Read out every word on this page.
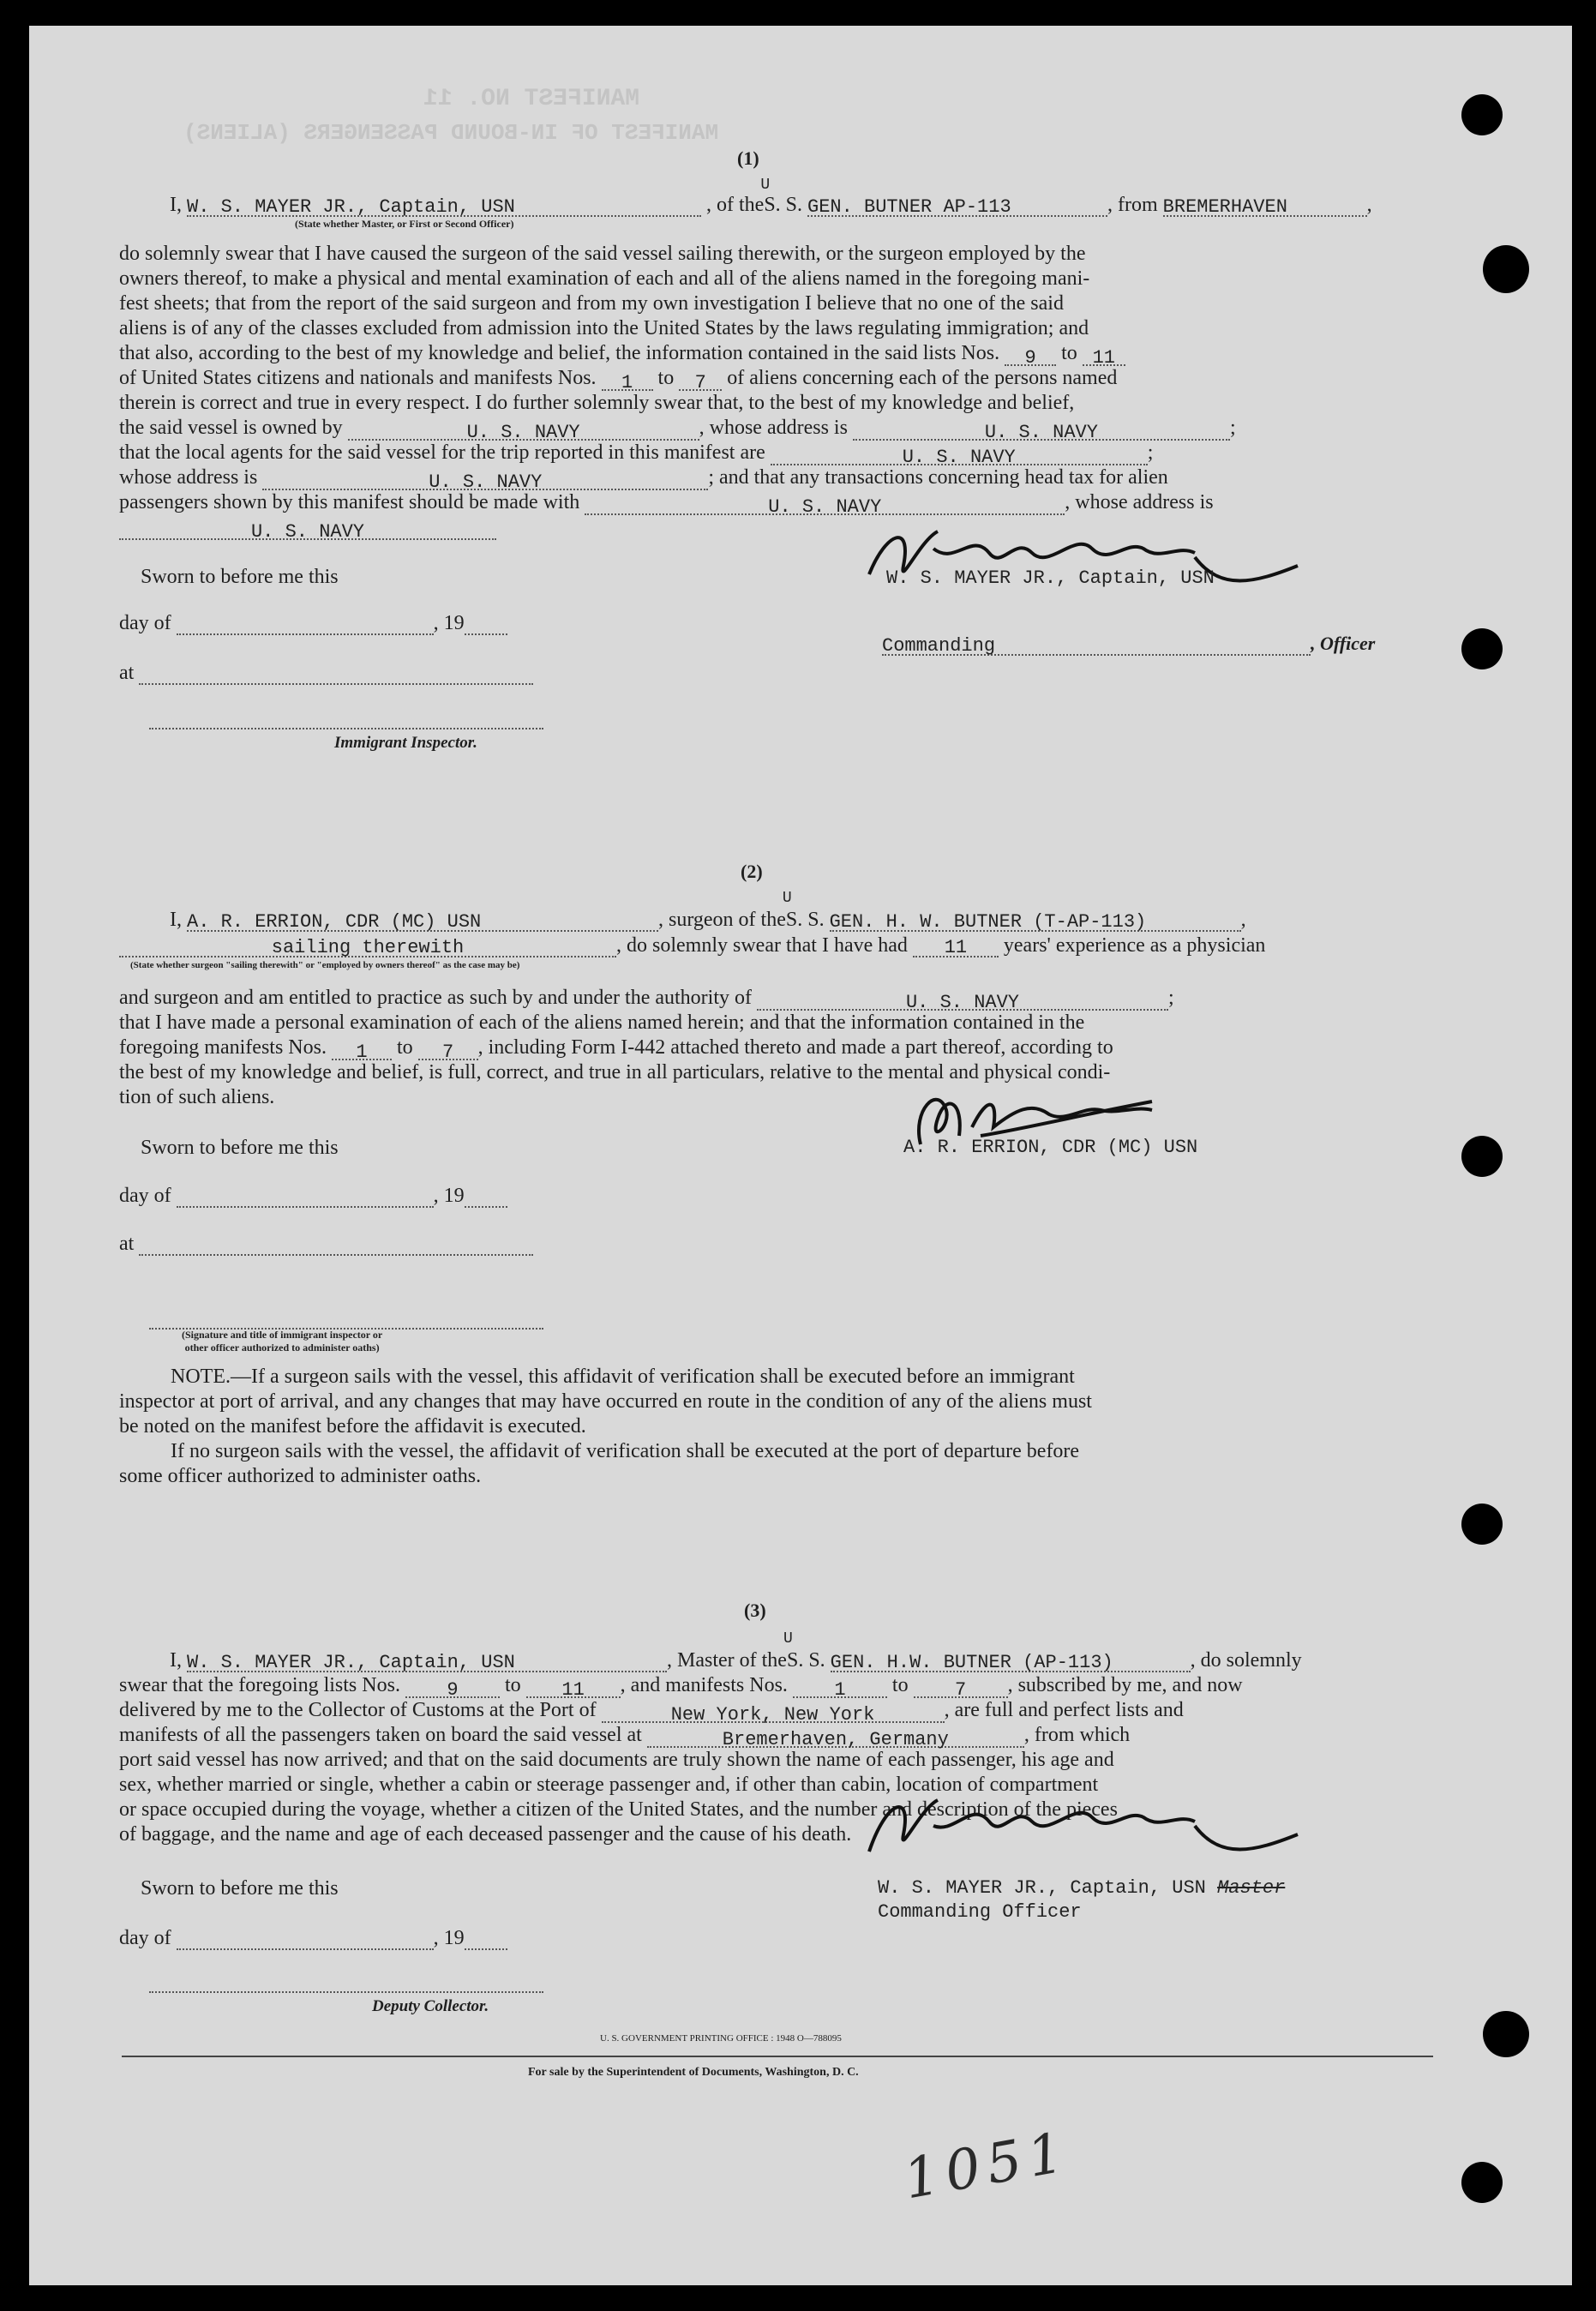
MANIFEST NO. 11
MANIFEST OF IN-BOUND PASSENGERS (ALIENS)
(1)
I, W. S. MAYER JR., Captain, USN	, of the
U
S. S. GEN. BUTNER AP-113	, from BREMERHAVEN	,
(State whether Master, or First or Second Officer)
do solemnly swear that I have caused the surgeon of the said vessel sailing therewith, or the surgeon employed by the
owners thereof, to make a physical and mental examination of each and all of the aliens named in the foregoing mani-
fest sheets; that from the report of the said surgeon and from my own investigation I believe that no one of the said
aliens is of any of the classes excluded from admission into the United States by the laws regulating immigration; and
that also, according to the best of my knowledge and belief, the information contained in the said lists Nos. 9 to 11
of United States citizens and nationals and manifests Nos. 1 to 7 of aliens concerning each of the persons named
therein is correct and true in every respect. I do further solemnly swear that, to the best of my knowledge and belief,
the said vessel is owned by	U. S. NAVY	, whose address is	U. S. NAVY	;
that the local agents for the said vessel for the trip reported in this manifest are	U. S. NAVY	;
whose address is	U. S. NAVY	; and that any transactions concerning head tax for alien
passengers shown by this manifest should be made with	U. S. NAVY	, whose address is
U. S. NAVY
Sworn to before me this
day of	, 19
at
Immigrant Inspector.
W. S. MAYER JR., Captain, USN
Commanding	, Officer
(2)
I, A. R. ERRION, CDR (MC) USN	, surgeon of the
U
S. S. GEN. H. W. BUTNER (T-AP-113)	,
sailing therewith	, do solemnly swear that I have had 11 years' experience as a physician
(State whether surgeon "sailing therewith" or "employed by owners thereof" as the case may be)
and surgeon and am entitled to practice as such by and under the authority of	U. S. NAVY	;
that I have made a personal examination of each of the aliens named herein; and that the information contained in the
foregoing manifests Nos. 1 to 7 , including Form I-442 attached thereto and made a part thereof, according to
the best of my knowledge and belief, is full, correct, and true in all particulars, relative to the mental and physical condi-
tion of such aliens.
A. R. ERRION, CDR (MC) USN
Sworn to before me this
day of	, 19
at
(Signature and title of immigrant inspector or
other officer authorized to administer oaths)
NOTE.—If a surgeon sails with the vessel, this affidavit of verification shall be executed before an immigrant
inspector at port of arrival, and any changes that may have occurred en route in the condition of any of the aliens must
be noted on the manifest before the affidavit is executed.
If no surgeon sails with the vessel, the affidavit of verification shall be executed at the port of departure before
some officer authorized to administer oaths.
(3)
I, W. S. MAYER JR., Captain, USN	, Master of the
U
S. S. GEN. H.W. BUTNER (AP-113)	, do solemnly
swear that the foregoing lists Nos. 9 to 11 , and manifests Nos. 1 to 7 , subscribed by me, and now
delivered by me to the Collector of Customs at the Port of	New York, New York	, are full and perfect lists and
manifests of all the passengers taken on board the said vessel at	Bremerhaven, Germany	, from which
port said vessel has now arrived; and that on the said documents are truly shown the name of each passenger, his age and
sex, whether married or single, whether a cabin or steerage passenger and, if other than cabin, location of compartment
or space occupied during the voyage, whether a citizen of the United States, and the number and description of the pieces
of baggage, and the name and age of each deceased passenger and the cause of his death.
W. S. MAYER JR., Captain, USN Master
Commanding Officer
Sworn to before me this
day of	, 19
Deputy Collector.
U. S. GOVERNMENT PRINTING OFFICE : 1948 O—788095
For sale by the Superintendent of Documents, Washington, D. C.
1051
